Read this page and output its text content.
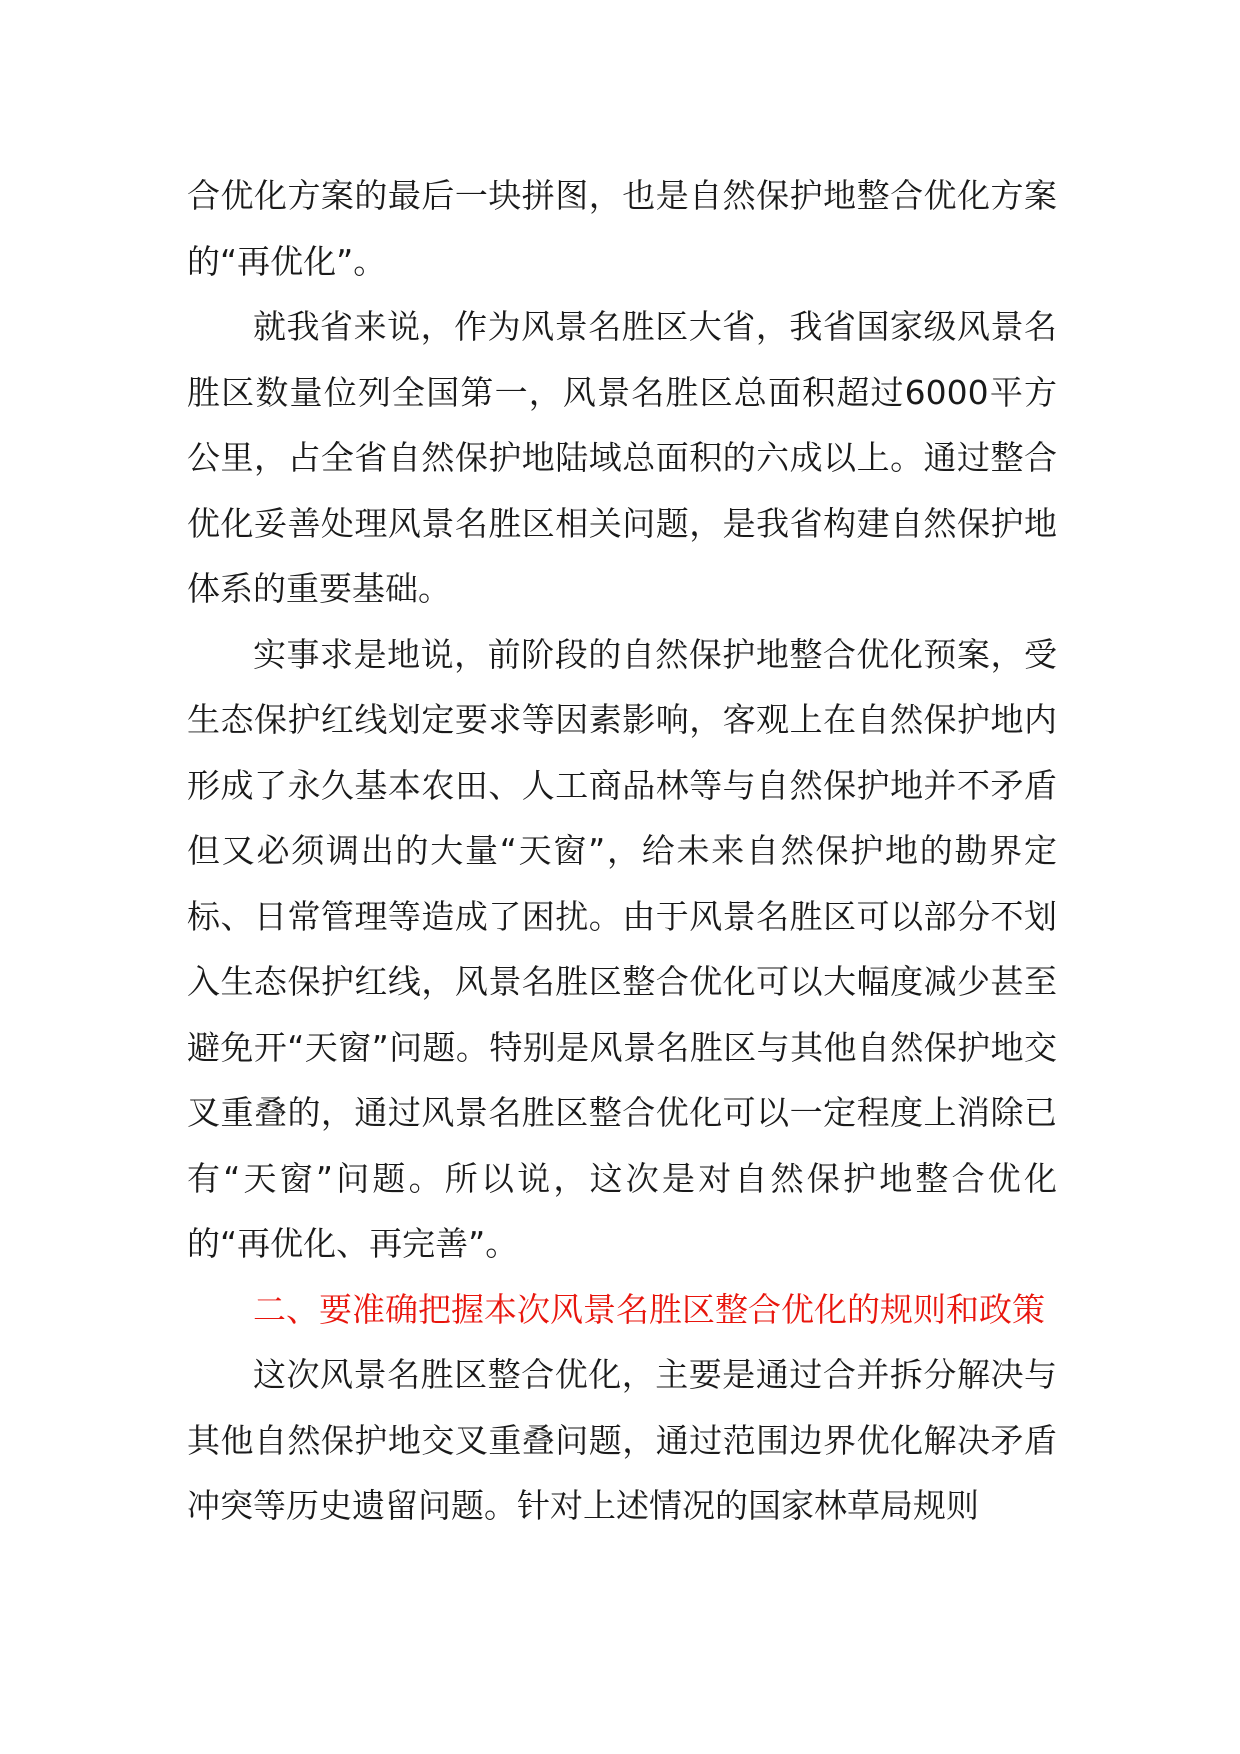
合优化方案的最后一块拼图，也是自然保护地整合优化方案的“再优化”。

就我省来说，作为风景名胜区大省，我省国家级风景名胜区数量位列全国第一，风景名胜区总面积超过6000平方公里，占全省自然保护地陆域总面积的六成以上。通过整合优化妥善处理风景名胜区相关问题，是我省构建自然保护地体系的重要基础。

实事求是地说，前阶段的自然保护地整合优化预案，受生态保护红线划定要求等因素影响，客观上在自然保护地内形成了永久基本农田、人工商品林等与自然保护地并不矛盾但又必须调出的大量“天窗”，给未来自然保护地的勘界定标、日常管理等造成了困扰。由于风景名胜区可以部分不划入生态保护红线，风景名胜区整合优化可以大幅度减少甚至避免开“天窗”问题。特别是风景名胜区与其他自然保护地交叉重叠的，通过风景名胜区整合优化可以一定程度上消除已有“天窗”问题。所以说，这次是对自然保护地整合优化的“再优化、再完善”。

二、要准确把握本次风景名胜区整合优化的规则和政策

这次风景名胜区整合优化，主要是通过合并拆分解决与其他自然保护地交叉重叠问题，通过范围边界优化解决矛盾冲突等历史遗留问题。针对上述情况的国家林草局规则
